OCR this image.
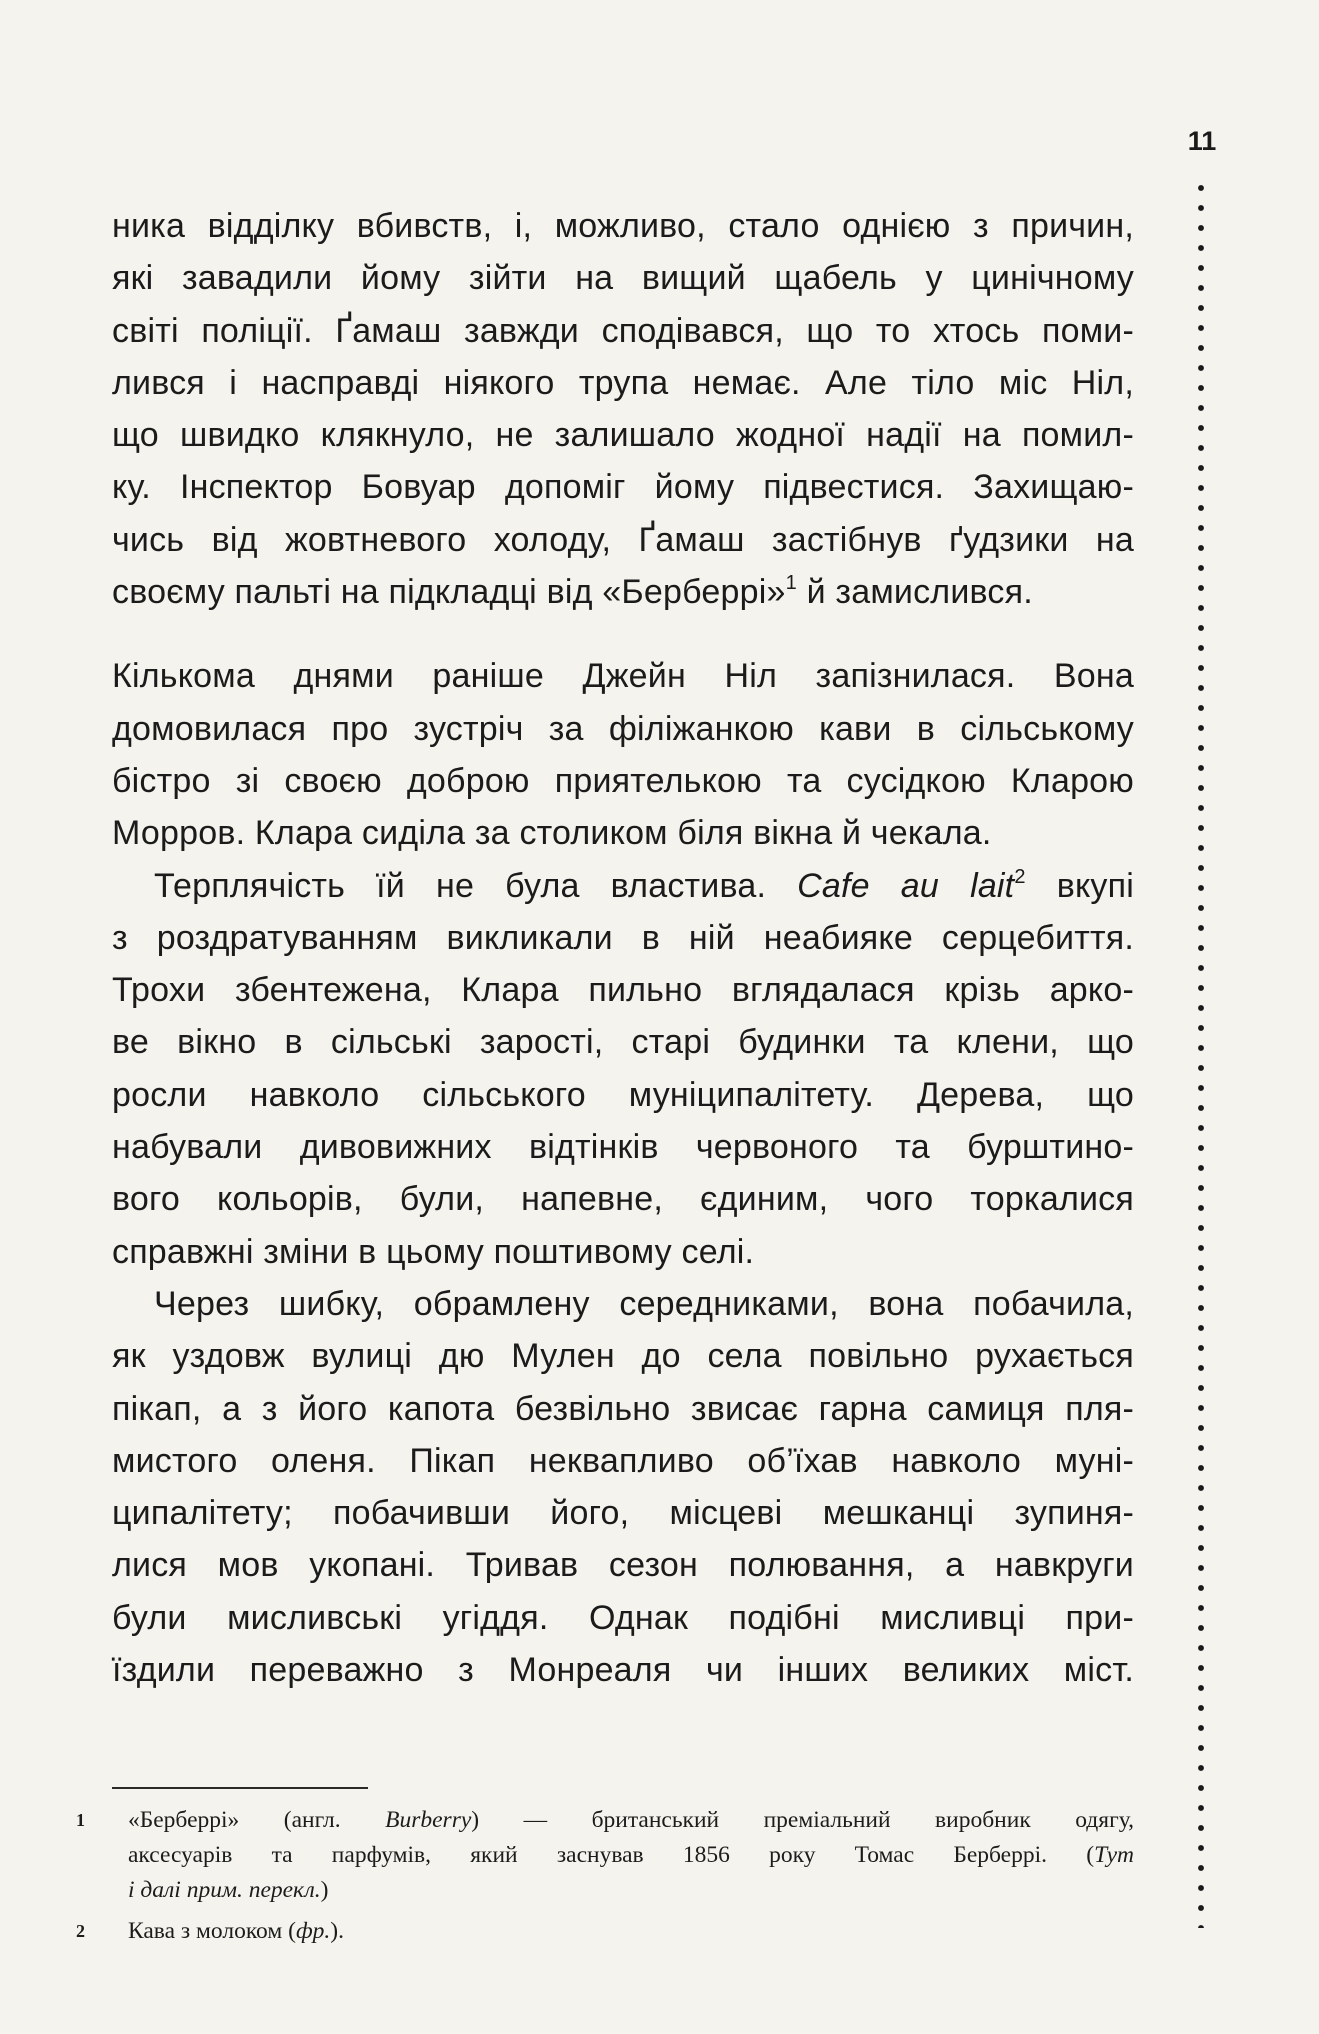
11
ника відділку вбивств, і, можливо, стало однією з причин,
які завадили йому зійти на вищий щабель у цинічному
світі поліції. Ґамаш завжди сподівався, що то хтось поми-
лився і насправді ніякого трупа немає. Але тіло міс Ніл,
що швидко клякнуло, не залишало жодної надії на помил-
ку. Інспектор Бовуар допоміг йому підвестися. Захищаю-
чись від жовтневого холоду, Ґамаш застібнув ґудзики на
своєму пальті на підкладці від «Берберрі»$^1$ й замислився.
Кількома днями раніше Джейн Ніл запізнилася. Вона
домовилася про зустріч за філіжанкою кави в сільському
бістро зі своєю доброю приятелькою та сусідкою Кларою
Морров. Клара сиділа за столиком біля вікна й чекала.
Терплячість їй не була властива. Cafe au lait$^2$ вкупі
з роздратуванням викликали в ній неабияке серцебиття.
Трохи збентежена, Клара пильно вглядалася крізь арко-
ве вікно в сільські зарості, старі будинки та клени, що
росли навколо сільського муніципалітету. Дерева, що
набували дивовижних відтінків червоного та бурштино-
вого кольорів, були, напевне, єдиним, чого торкалися
справжні зміни в цьому поштивому селі.
Через шибку, обрамлену середниками, вона побачила,
як уздовж вулиці дю Мулен до села повільно рухається
пікап, а з його капота безвільно звисає гарна самиця пля-
мистого оленя. Пікап неквапливо об’їхав навколо муні-
ципалітету; побачивши його, місцеві мешканці зупиня-
лися мов укопані. Тривав сезон полювання, а навкруги
були мисливські угіддя. Однак подібні мисливці при-
їздили переважно з Монреаля чи інших великих міст.
1 «Берберрі» (англ. Burberry) — британський преміальний виробник одягу,
аксесуарів та парфумів, який заснував 1856 року Томас Берберрі. (Тут
і далі прим. перекл.)
2 Кава з молоком (фр.).
